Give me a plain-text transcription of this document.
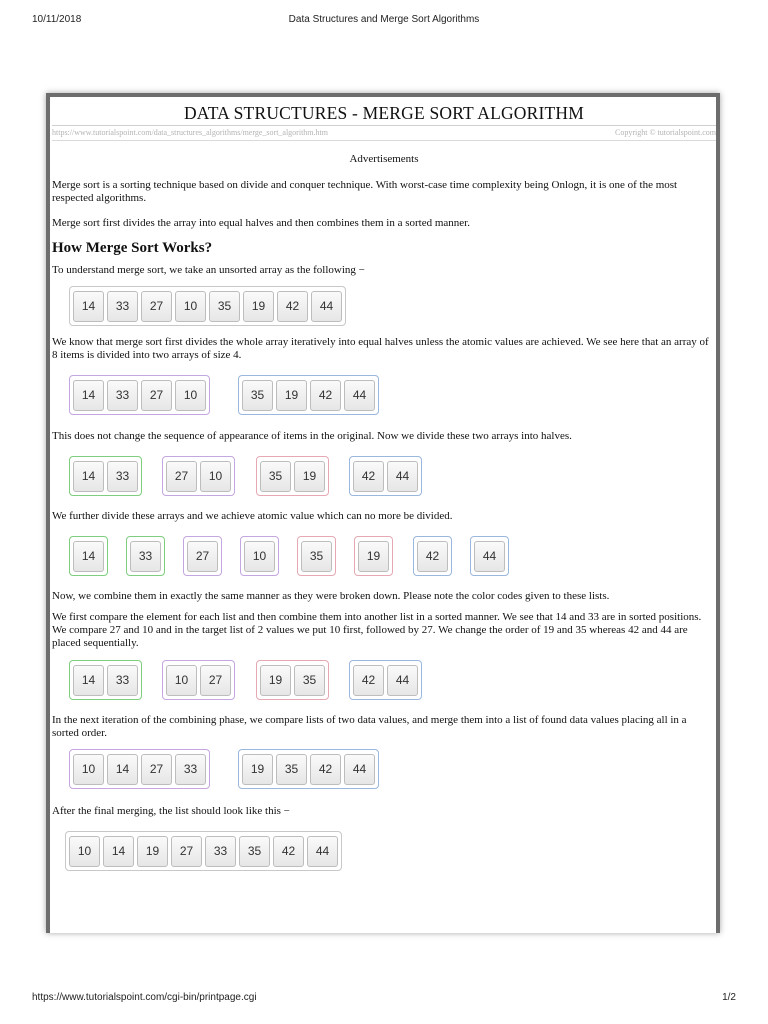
10/11/2018	Data Structures and Merge Sort Algorithms
DATA STRUCTURES - MERGE SORT ALGORITHM
https://www.tutorialspoint.com/data_structures_algorithms/merge_sort_algorithm.htm	Copyright © tutorialspoint.com
Advertisements

Merge sort is a sorting technique based on divide and conquer technique. With worst-case time complexity being Onlogn, it is one of the most respected algorithms.

Merge sort first divides the array into equal halves and then combines them in a sorted manner.

How Merge Sort Works?

To understand merge sort, we take an unsorted array as the following −

14	33	27	10	35	19	42	44

We know that merge sort first divides the whole array iteratively into equal halves unless the atomic values are achieved. We see here that an array of 8 items is divided into two arrays of size 4.

14	33	27	10	35	19	42	44

This does not change the sequence of appearance of items in the original. Now we divide these two arrays into halves.

14	33	27	10	35	19	42	44

We further divide these arrays and we achieve atomic value which can no more be divided.

14	33	27	10	35	19	42	44

Now, we combine them in exactly the same manner as they were broken down. Please note the color codes given to these lists.

We first compare the element for each list and then combine them into another list in a sorted manner. We see that 14 and 33 are in sorted positions. We compare 27 and 10 and in the target list of 2 values we put 10 first, followed by 27. We change the order of 19 and 35 whereas 42 and 44 are placed sequentially.

14	33	10	27	19	35	42	44

In the next iteration of the combining phase, we compare lists of two data values, and merge them into a list of found data values placing all in a sorted order.

10	14	27	33	19	35	42	44

After the final merging, the list should look like this −

10	14	19	27	33	35	42	44
https://www.tutorialspoint.com/cgi-bin/printpage.cgi	1/2
